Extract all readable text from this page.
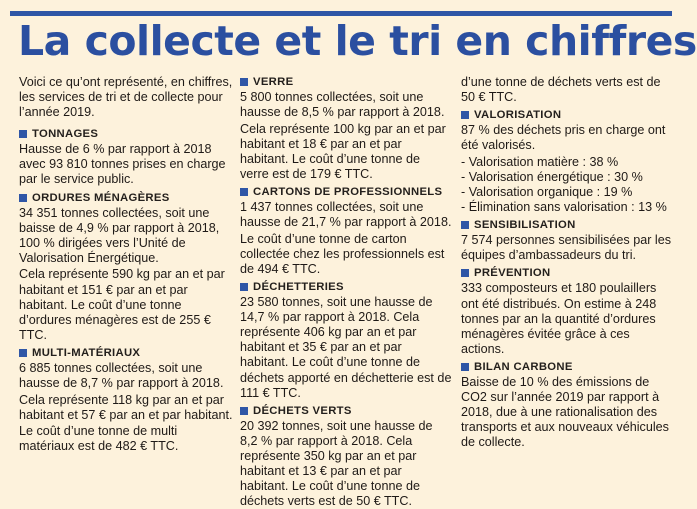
La collecte et le tri en chiffres

Voici ce qu’ont représenté, en chiffres, les services de tri et de collecte pour l’année 2019.

TONNAGES

Hausse de 6 % par rapport à 2018 avec 93 810 tonnes prises en charge par le service public.

ORDURES MÉNAGÈRES

34 351 tonnes collectées, soit une baisse de 4,9 % par rapport à 2018, 100 % dirigées vers l’Unité de Valorisation Énergétique.

Cela représente 590 kg par an et par habitant et 151 € par an et par habitant. Le coût d’une tonne d’ordures ménagères est de 255 € TTC.

MULTI-MATÉRIAUX

6 885 tonnes collectées, soit une hausse de 8,7 % par rapport à 2018.

Cela représente 118 kg par an et par habitant et 57 € par an et par habitant.

Le coût d’une tonne de multi matériaux est de 482 € TTC.

VERRE

5 800 tonnes collectées, soit une hausse de 8,5 % par rapport à 2018.

Cela représente 100 kg par an et par habitant et 18 € par an et par habitant. Le coût d’une tonne de verre est de 179 € TTC.

CARTONS DE PROFESSIONNELS

1 437 tonnes collectées, soit une hausse de 21,7 % par rapport à 2018.

Le coût d’une tonne de carton collectée chez les professionnels est de 494 € TTC.

DÉCHETTERIES

23 580 tonnes, soit une hausse de 14,7 % par rapport à 2018. Cela représente 406 kg par an et par habitant et 35 € par an et par habitant. Le coût d’une tonne de déchets apporté en déchetterie est de 111 € TTC.

DÉCHETS VERTS

20 392 tonnes, soit une hausse de 8,2 % par rapport à 2018. Cela représente 350 kg par an et par habitant et 13 € par an et par habitant. Le coût d’une tonne de déchets verts est de 50 € TTC.

d’une tonne de déchets verts est de 50 € TTC.

VALORISATION

87 % des déchets pris en charge ont été valorisés.

- Valorisation matière : 38 %
- Valorisation énergétique : 30 %
- Valorisation organique : 19 %
- Élimination sans valorisation : 13 %
SENSIBILISATION

7 574 personnes sensibilisées par les équipes d’ambassadeurs du tri.

PRÉVENTION

333 composteurs et 180 poulaillers ont été distribués. On estime à 248 tonnes par an la quantité d’ordures ménagères évitée grâce à ces actions.

BILAN CARBONE

Baisse de 10 % des émissions de CO2 sur l’année 2019 par rapport à 2018, due à une rationalisation des transports et aux nouveaux véhicules de collecte.
